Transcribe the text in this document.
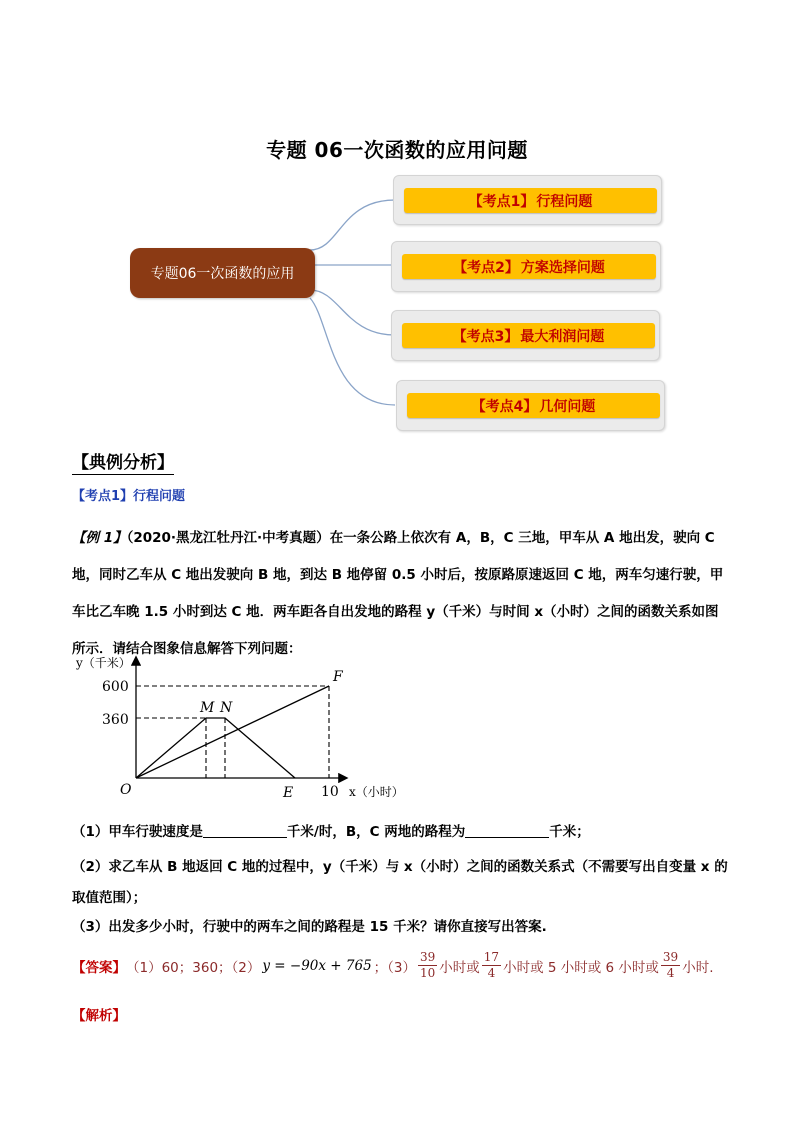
专题 06一次函数的应用问题
专题06一次函数的应用
【考点1】 行程问题
【考点2】 方案选择问题
【考点3】 最大利润问题
【考点4】 几何问题
【典例分析】
【考点1】行程问题
【例 1】（2020·黑龙江牡丹江·中考真题）在一条公路上依次有 A，B，C 三地，甲车从 A 地出发，驶向 C 地，同时乙车从 C 地出发驶向 B 地，到达 B 地停留 0.5 小时后，按原路原速返回 C 地，两车匀速行驶，甲车比乙车晚 1.5 小时到达 C 地．两车距各自出发地的路程 y（千米）与时间 x（小时）之间的函数关系如图所示．请结合图象信息解答下列问题：
y（千米）
600
360
M N
F
O	E 10 x（小时）
（1）甲车行驶速度是	千米/时，B，C 两地的路程为	千米；
（2）求乙车从 B 地返回 C 地的过程中，y（千米）与 x（小时）之间的函数关系式（不需要写出自变量 x 的取值范围）；
（3）出发多少小时，行驶中的两车之间的路程是 15 千米？请你直接写出答案.
【答案】 （1）60；360；（2） y = −90x + 765 ；$(3) \frac{39}{10}$ 小时或 $\frac{17}{4}$ 小时或 5 小时或 6 小时或 $\frac{39}{4}$ 小时.
【解析】
